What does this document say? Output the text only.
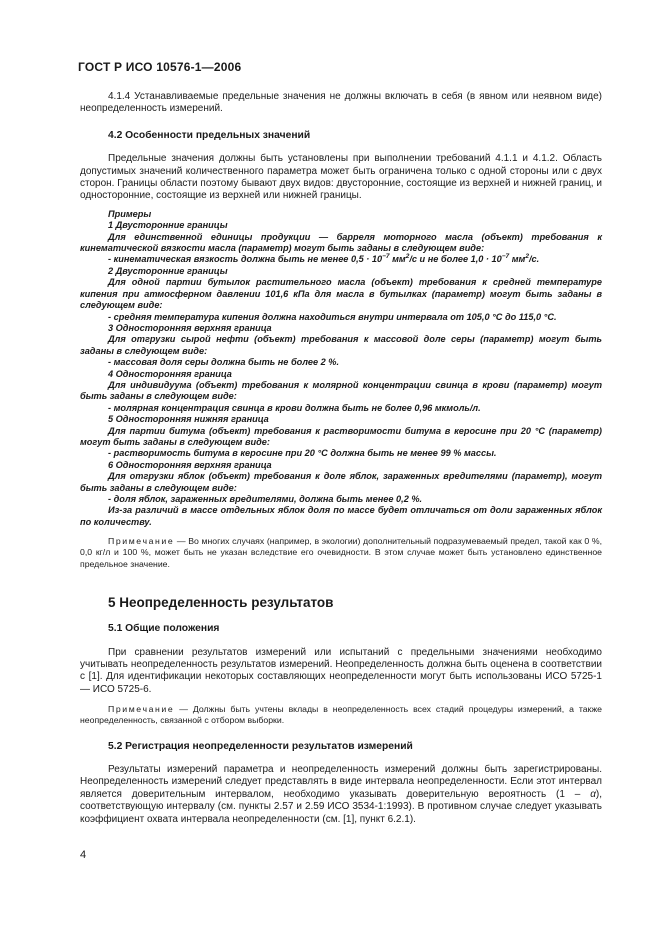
ГОСТ Р ИСО 10576-1—2006

4.1.4 Устанавливаемые предельные значения не должны включать в себя (в явном или неявном виде) неопределенность измерений.

4.2 Особенности предельных значений

Предельные значения должны быть установлены при выполнении требований 4.1.1 и 4.1.2. Область допустимых значений количественного параметра может быть ограничена только с одной стороны или с двух сторон. Границы области поэтому бывают двух видов: двусторонние, состоящие из верхней и нижней границ, и односторонние, состоящие из верхней или нижней границы.

Примеры

1 Двусторонние границы

Для единственной единицы продукции — барреля моторного масла (объект) требования к кинематической вязкости масла (параметр) могут быть заданы в следующем виде:

- кинематическая вязкость должна быть не менее $0,5 \cdot 10^{-7}$ $мм^2/с$ и не более $1,0 \cdot 10^{-7}$ $мм^2/с$.

2 Двусторонние границы

Для одной партии бутылок растительного масла (объект) требования к средней температуре кипения при атмосферном давлении 101,6 кПа для масла в бутылках (параметр) могут быть заданы в следующем виде:

- средняя температура кипения должна находиться внутри интервала от 105,0 °С до 115,0 °С.

3 Односторонняя верхняя граница

Для отгрузки сырой нефти (объект) требования к массовой доле серы (параметр) могут быть заданы в следующем виде:

- массовая доля серы должна быть не более 2 %.

4 Односторонняя граница

Для индивидуума (объект) требования к молярной концентрации свинца в крови (параметр) могут быть заданы в следующем виде:

- молярная концентрация свинца в крови должна быть не более 0,96 мкмоль/л.

5 Односторонняя нижняя граница

Для партии битума (объект) требования к растворимости битума в керосине при 20 °С (параметр) могут быть заданы в следующем виде:

- растворимость битума в керосине при 20 °С должна быть не менее 99 % массы.

6 Односторонняя верхняя граница

Для отгрузки яблок (объект) требования к доле яблок, зараженных вредителями (параметр), могут быть заданы в следующем виде:

- доля яблок, зараженных вредителями, должна быть менее 0,2 %.

Из-за различий в массе отдельных яблок доля по массе будет отличаться от доли зараженных яблок по количеству.

Примечание — Во многих случаях (например, в экологии) дополнительный подразумеваемый предел, такой как 0 %, 0,0 кг/л и 100 %, может быть не указан вследствие его очевидности. В этом случае может быть установлено единственное предельное значение.

5 Неопределенность результатов
5.1 Общие положения

При сравнении результатов измерений или испытаний с предельными значениями необходимо учитывать неопределенность результатов измерений. Неопределенность должна быть оценена в соответствии с [1]. Для идентификации некоторых составляющих неопределенности могут быть использованы ИСО 5725-1 — ИСО 5725-6.

Примечание — Должны быть учтены вклады в неопределенность всех стадий процедуры измерений, а также неопределенность, связанной с отбором выборки.

5.2 Регистрация неопределенности результатов измерений

Результаты измерений параметра и неопределенность измерений должны быть зарегистрированы. Неопределенность измерений следует представлять в виде интервала неопределенности. Если этот интервал является доверительным интервалом, необходимо указывать доверительную вероятность (1 – α), соответствующую интервалу (см. пункты 2.57 и 2.59 ИСО 3534-1:1993). В противном случае следует указывать коэффициент охвата интервала неопределенности (см. [1], пункт 6.2.1).

4
